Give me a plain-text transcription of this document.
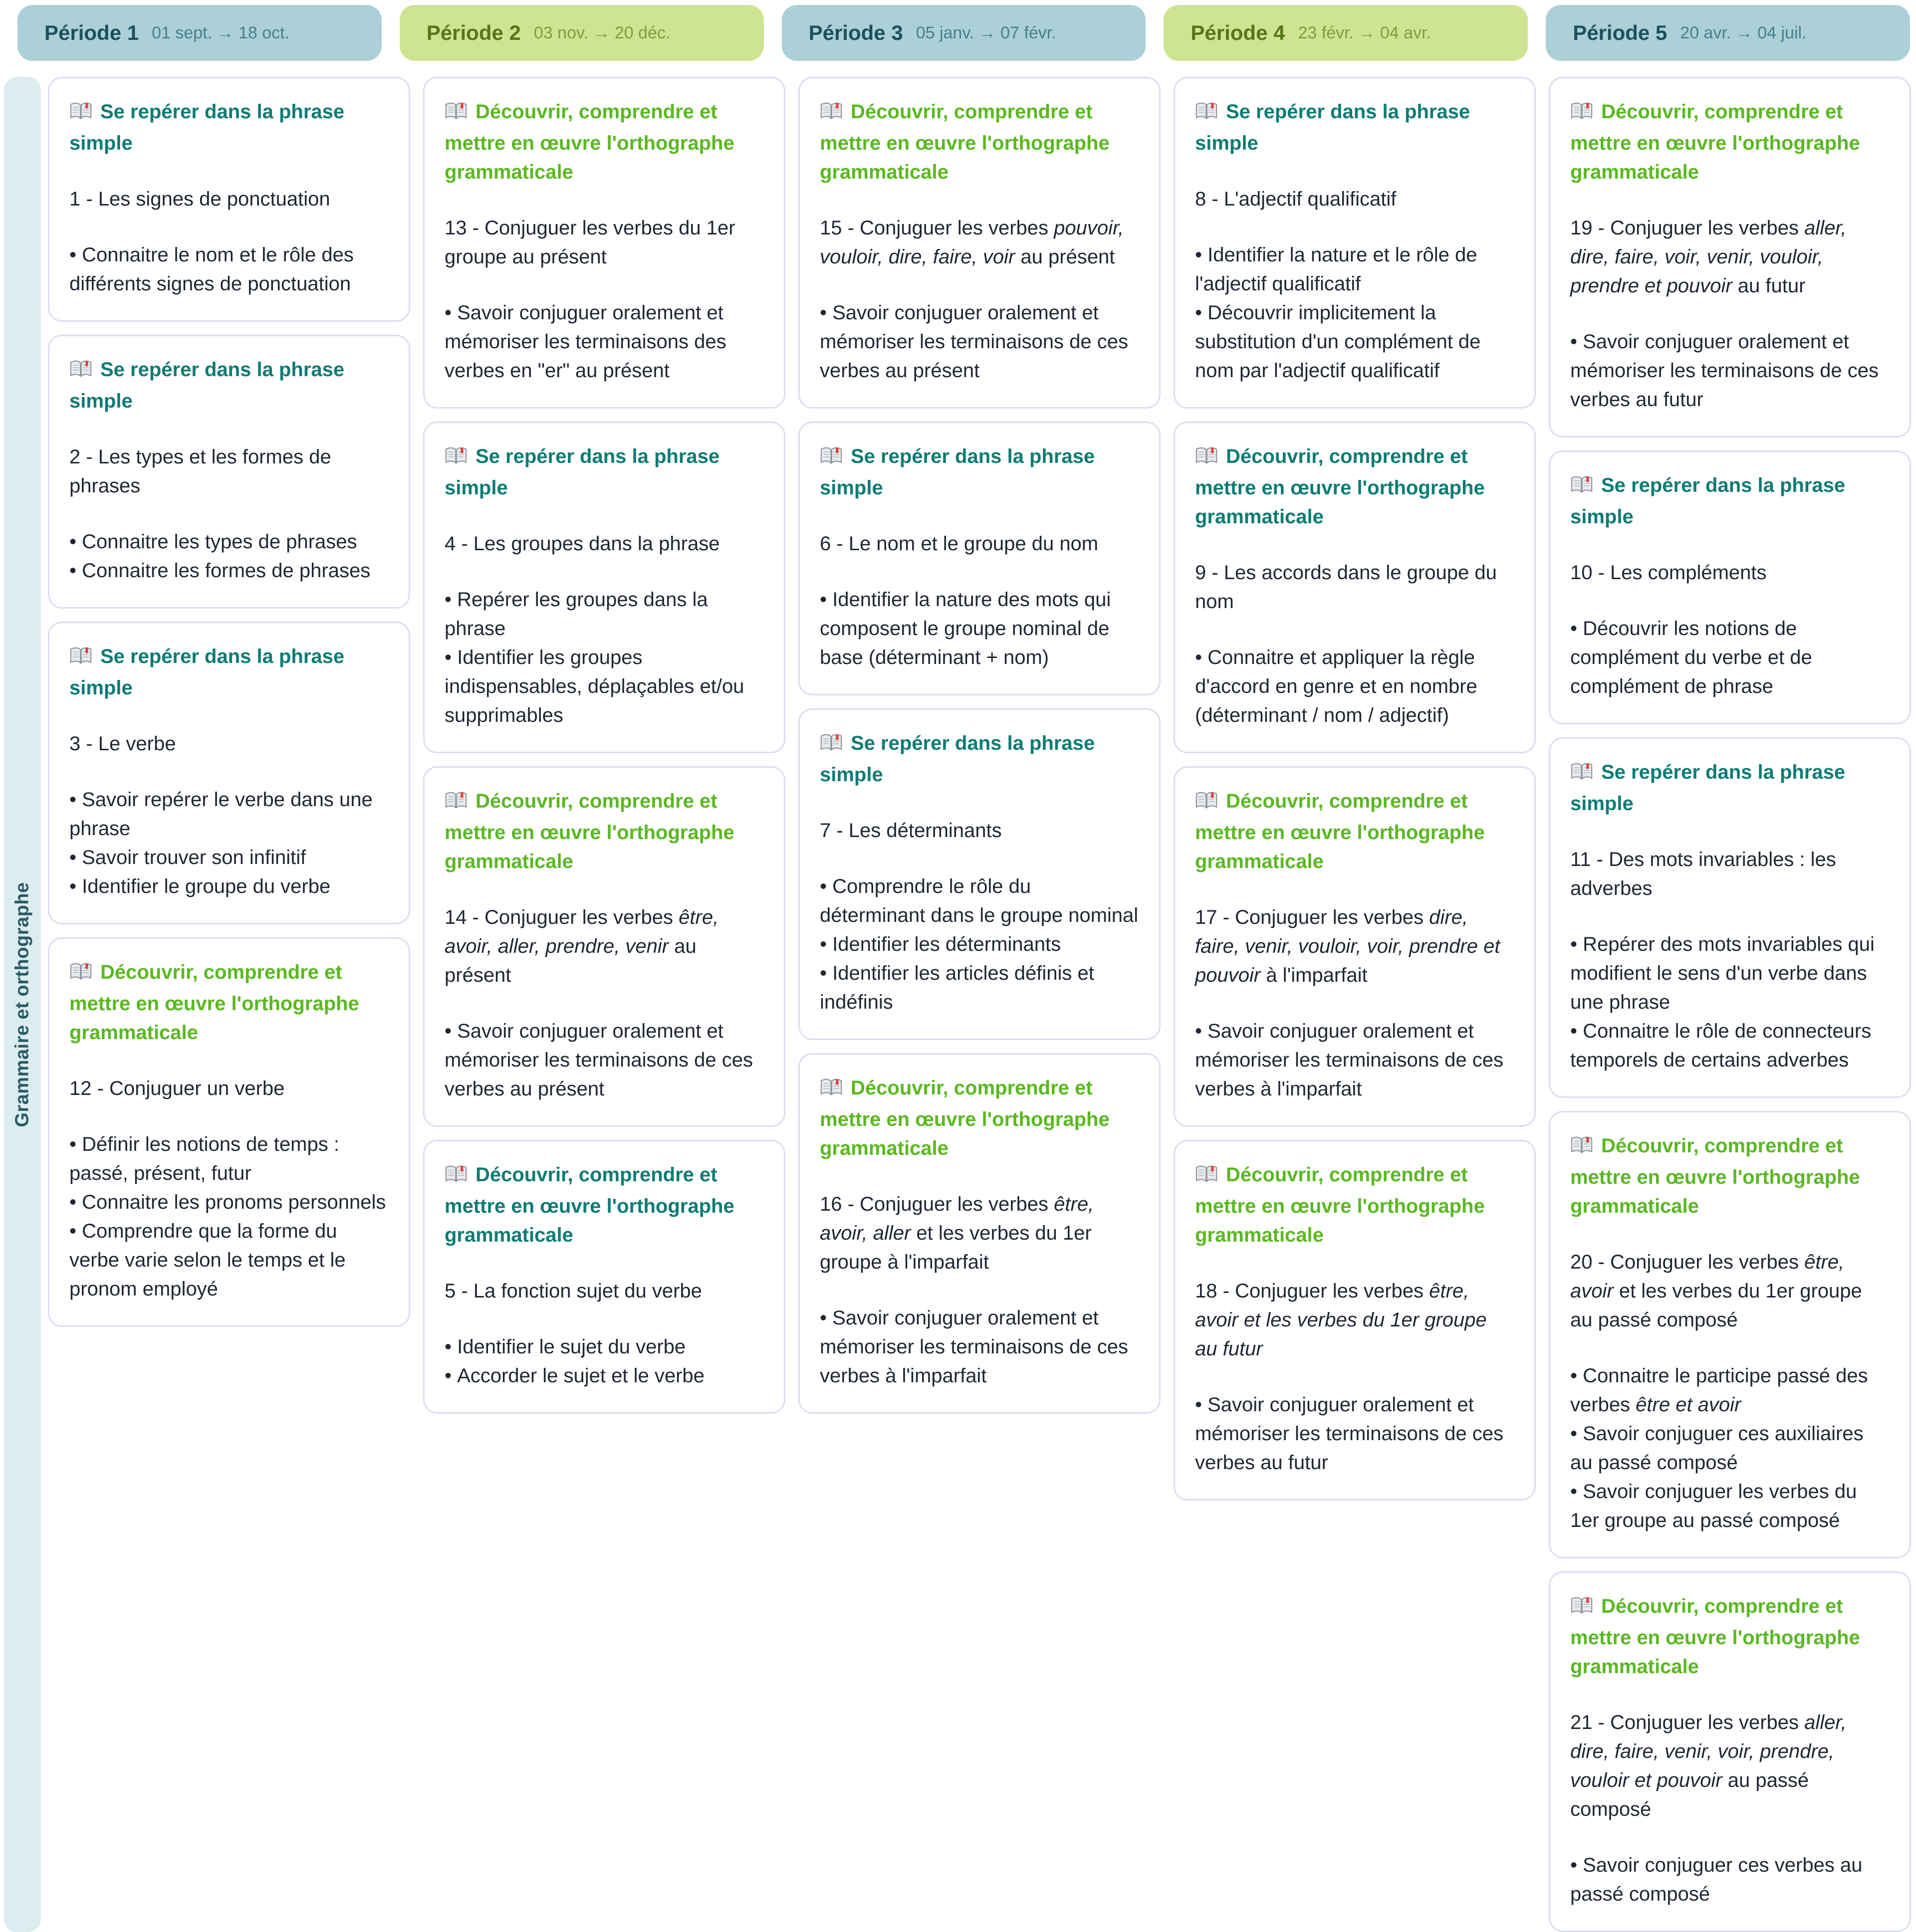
Période 1 01 sept. → 18 oct.	Période 2 03 nov. → 20 déc.	Période 3 05 janv. → 07 févr.	Période 4 23 févr. → 04 avr.	Période 5 20 avr. → 04 juil.
Grammaire et orthographe
Se repérer dans la phrase simple
1 - Les signes de ponctuation
• Connaitre le nom et le rôle des différents signes de ponctuation
Se repérer dans la phrase simple
2 - Les types et les formes de phrases
• Connaitre les types de phrases
• Connaitre les formes de phrases
Se repérer dans la phrase simple
3 - Le verbe
• Savoir repérer le verbe dans une phrase
• Savoir trouver son infinitif
• Identifier le groupe du verbe
Découvrir, comprendre et mettre en œuvre l'orthographe grammaticale
12 - Conjuguer un verbe
• Définir les notions de temps : passé, présent, futur
• Connaitre les pronoms personnels
• Comprendre que la forme du verbe varie selon le temps et le pronom employé
Découvrir, comprendre et mettre en œuvre l'orthographe grammaticale
13 - Conjuguer les verbes du 1er groupe au présent
• Savoir conjuguer oralement et mémoriser les terminaisons des verbes en "er" au présent
Se repérer dans la phrase simple
4 - Les groupes dans la phrase
• Repérer les groupes dans la phrase
• Identifier les groupes indispensables, déplaçables et/ou supprimables
Découvrir, comprendre et mettre en œuvre l'orthographe grammaticale
14 - Conjuguer les verbes être, avoir, aller, prendre, venir au présent
• Savoir conjuguer oralement et mémoriser les terminaisons de ces verbes au présent
Découvrir, comprendre et mettre en œuvre l'orthographe grammaticale
5 - La fonction sujet du verbe
• Identifier le sujet du verbe
• Accorder le sujet et le verbe
Découvrir, comprendre et mettre en œuvre l'orthographe grammaticale
15 - Conjuguer les verbes pouvoir, vouloir, dire, faire, voir au présent
• Savoir conjuguer oralement et mémoriser les terminaisons de ces verbes au présent
Se repérer dans la phrase simple
6 - Le nom et le groupe du nom
• Identifier la nature des mots qui composent le groupe nominal de base (déterminant + nom)
Se repérer dans la phrase simple
7 - Les déterminants
• Comprendre le rôle du déterminant dans le groupe nominal
• Identifier les déterminants
• Identifier les articles définis et indéfinis
Découvrir, comprendre et mettre en œuvre l'orthographe grammaticale
16 - Conjuguer les verbes être, avoir, aller et les verbes du 1er groupe à l'imparfait
• Savoir conjuguer oralement et mémoriser les terminaisons de ces verbes à l'imparfait
Se repérer dans la phrase simple
8 - L'adjectif qualificatif
• Identifier la nature et le rôle de l'adjectif qualificatif
• Découvrir implicitement la substitution d'un complément de nom par l'adjectif qualificatif
Découvrir, comprendre et mettre en œuvre l'orthographe grammaticale
9 - Les accords dans le groupe du nom
• Connaitre et appliquer la règle d'accord en genre et en nombre (déterminant / nom / adjectif)
Découvrir, comprendre et mettre en œuvre l'orthographe grammaticale
17 - Conjuguer les verbes dire, faire, venir, vouloir, voir, prendre et pouvoir à l'imparfait
• Savoir conjuguer oralement et mémoriser les terminaisons de ces verbes à l'imparfait
Découvrir, comprendre et mettre en œuvre l'orthographe grammaticale
18 - Conjuguer les verbes être, avoir et les verbes du 1er groupe au futur
• Savoir conjuguer oralement et mémoriser les terminaisons de ces verbes au futur
Découvrir, comprendre et mettre en œuvre l'orthographe grammaticale
19 - Conjuguer les verbes aller, dire, faire, voir, venir, vouloir, prendre et pouvoir au futur
• Savoir conjuguer oralement et mémoriser les terminaisons de ces verbes au futur
Se repérer dans la phrase simple
10 - Les compléments
• Découvrir les notions de complément du verbe et de complément de phrase
Se repérer dans la phrase simple
11 - Des mots invariables : les adverbes
• Repérer des mots invariables qui modifient le sens d'un verbe dans une phrase
• Connaitre le rôle de connecteurs temporels de certains adverbes
Découvrir, comprendre et mettre en œuvre l'orthographe grammaticale
20 - Conjuguer les verbes être, avoir et les verbes du 1er groupe au passé composé
• Connaitre le participe passé des verbes être et avoir
• Savoir conjuguer ces auxiliaires au passé composé
• Savoir conjuguer les verbes du 1er groupe au passé composé
Découvrir, comprendre et mettre en œuvre l'orthographe grammaticale
21 - Conjuguer les verbes aller, dire, faire, venir, voir, prendre, vouloir et pouvoir au passé composé
• Savoir conjuguer ces verbes au passé composé
